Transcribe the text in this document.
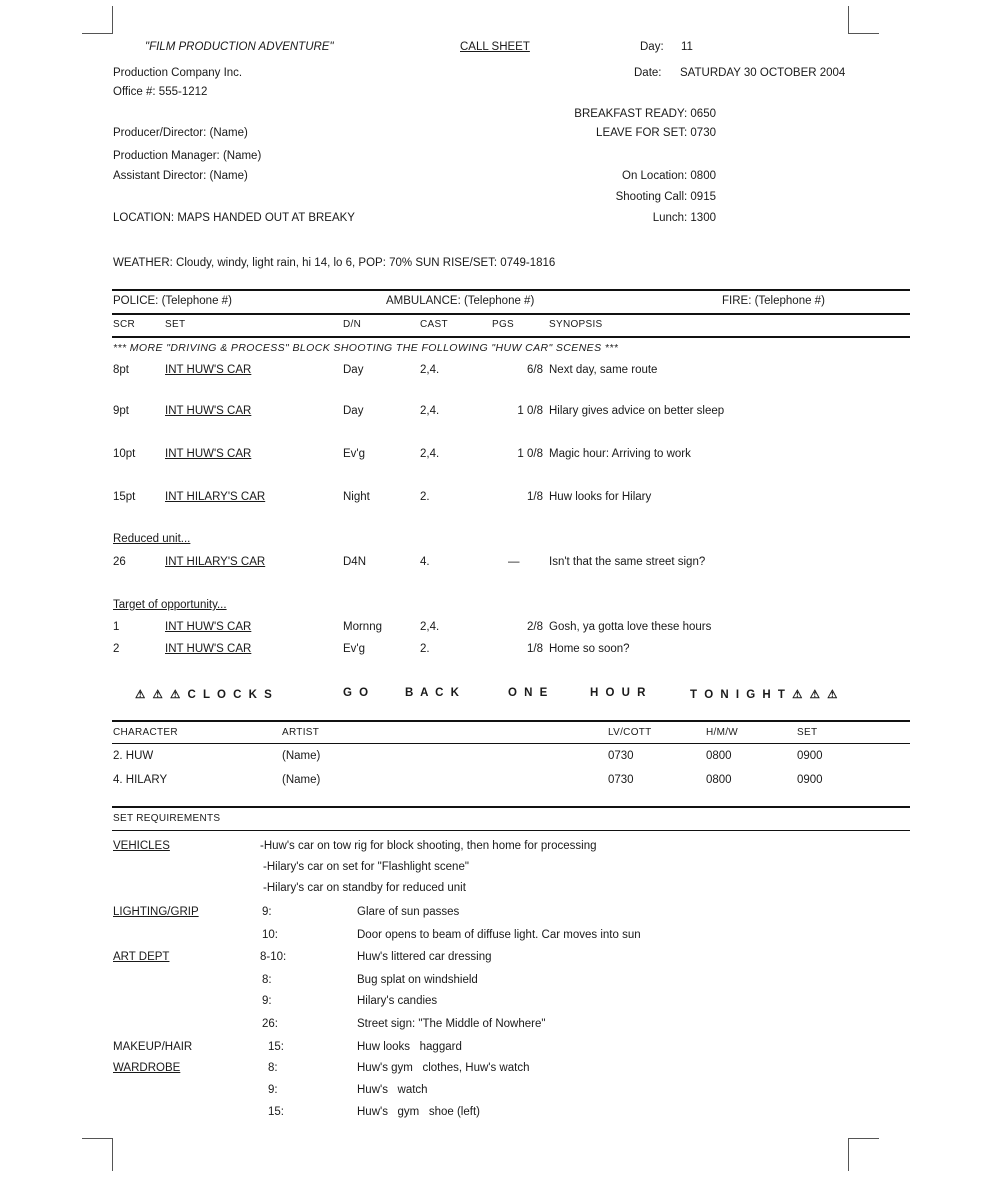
"FILM PRODUCTION ADVENTURE"	CALL SHEET	Day: 11
Production Company Inc.	Date: SATURDAY 30 OCTOBER 2004
Office #: 555-1212
BREAKFAST READY: 0650
LEAVE FOR SET: 0730
Producer/Director: (Name)
Production Manager: (Name)
Assistant Director: (Name)	On Location: 0800
Shooting Call: 0915
LOCATION: MAPS HANDED OUT AT BREAKY	Lunch: 1300
WEATHER: Cloudy, windy, light rain, hi 14, lo 6, POP: 70% SUN RISE/SET: 0749-1816
POLICE: (Telephone #)	AMBULANCE: (Telephone #)	FIRE: (Telephone #)
SCR	SET	D/N	CAST	PGS	SYNOPSIS
*** MORE "DRIVING & PROCESS" BLOCK SHOOTING THE FOLLOWING "HUW CAR" SCENES ***
8pt	INT HUW'S CAR	Day	2,4.	6/8 Next day, same route
9pt	INT HUW'S CAR	Day	2,4.	1 0/8 Hilary gives advice on better sleep
10pt	INT HUW'S CAR	Ev'g	2,4.	1 0/8 Magic hour: Arriving to work
15pt	INT HILARY'S CAR	Night	2.	1/8 Huw looks for Hilary
Reduced unit...
26	INT HILARY'S CAR	D4N	4.	—	Isn't that the same street sign?
Target of opportunity...
1	INT HUW'S CAR	Mornng	2,4.	2/8 Gosh, ya gotta love these hours
2	INT HUW'S CAR	Ev'g	2.	1/8 Home so soon?
⚠ ⚠ ⚠ C L O C K S	G O	B A C K	O N E	H O U R	T O N I G H T ⚠ ⚠ ⚠
CHARACTER	ARTIST	LV/COTT	H/M/W	SET
2. HUW	(Name)	0730	0800	0900
4. HILARY	(Name)	0730	0800	0900
SET REQUIREMENTS
VEHICLES	-Huw's car on tow rig for block shooting, then home for processing
-Hilary's car on set for "Flashlight scene"
-Hilary's car on standby for reduced unit
LIGHTING/GRIP	9:	Glare of sun passes
10:	Door opens to beam of diffuse light. Car moves into sun
ART DEPT	8-10:	Huw's littered car dressing
8:	Bug splat on windshield
9:	Hilary's candies
26:	Street sign: "The Middle of Nowhere"
MAKEUP/HAIR	15:	Huw looks   haggard
WARDROBE	8:	Huw's gym   clothes, Huw's watch
9:	Huw's   watch
15:	Huw's   gym   shoe (left)
